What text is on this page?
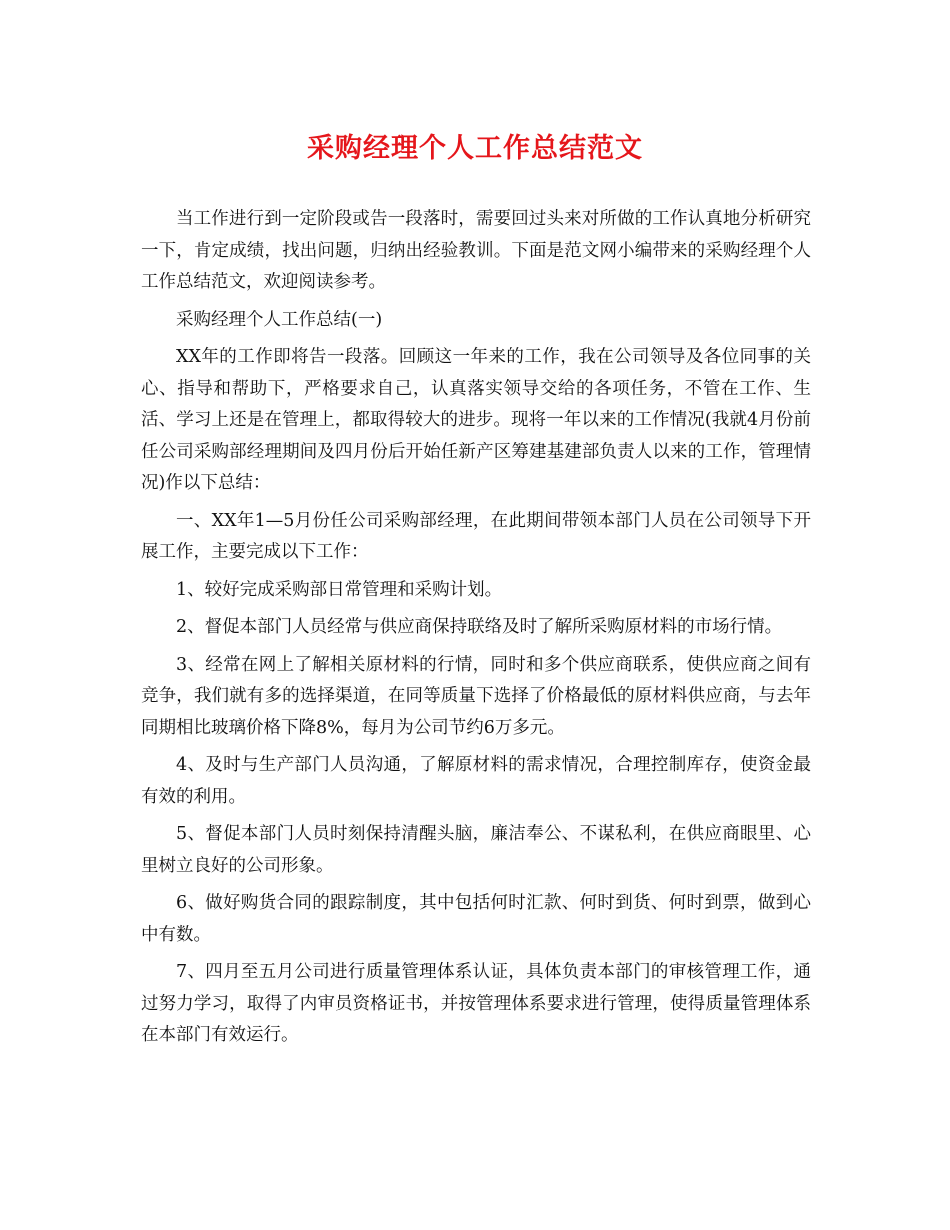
采购经理个人工作总结范文

当工作进行到一定阶段或告一段落时，需要回过头来对所做的工作认真地分析研究一下，肯定成绩，找出问题，归纳出经验教训。下面是范文网小编带来的采购经理个人工作总结范文，欢迎阅读参考。

采购经理个人工作总结(一)

XX年的工作即将告一段落。回顾这一年来的工作，我在公司领导及各位同事的关心、指导和帮助下，严格要求自己，认真落实领导交给的各项任务，不管在工作、生活、学习上还是在管理上，都取得较大的进步。现将一年以来的工作情况(我就4月份前任公司采购部经理期间及四月份后开始任新产区筹建基建部负责人以来的工作，管理情况)作以下总结：

一、XX年1—5月份任公司采购部经理，在此期间带领本部门人员在公司领导下开展工作，主要完成以下工作：

1、较好完成采购部日常管理和采购计划。

2、督促本部门人员经常与供应商保持联络及时了解所采购原材料的市场行情。

3、经常在网上了解相关原材料的行情，同时和多个供应商联系，使供应商之间有竞争，我们就有多的选择渠道，在同等质量下选择了价格最低的原材料供应商，与去年同期相比玻璃价格下降8%，每月为公司节约6万多元。

4、及时与生产部门人员沟通，了解原材料的需求情况，合理控制库存，使资金最有效的利用。

5、督促本部门人员时刻保持清醒头脑，廉洁奉公、不谋私利，在供应商眼里、心里树立良好的公司形象。

6、做好购货合同的跟踪制度，其中包括何时汇款、何时到货、何时到票，做到心中有数。

7、四月至五月公司进行质量管理体系认证，具体负责本部门的审核管理工作，通过努力学习，取得了内审员资格证书，并按管理体系要求进行管理，使得质量管理体系在本部门有效运行。
